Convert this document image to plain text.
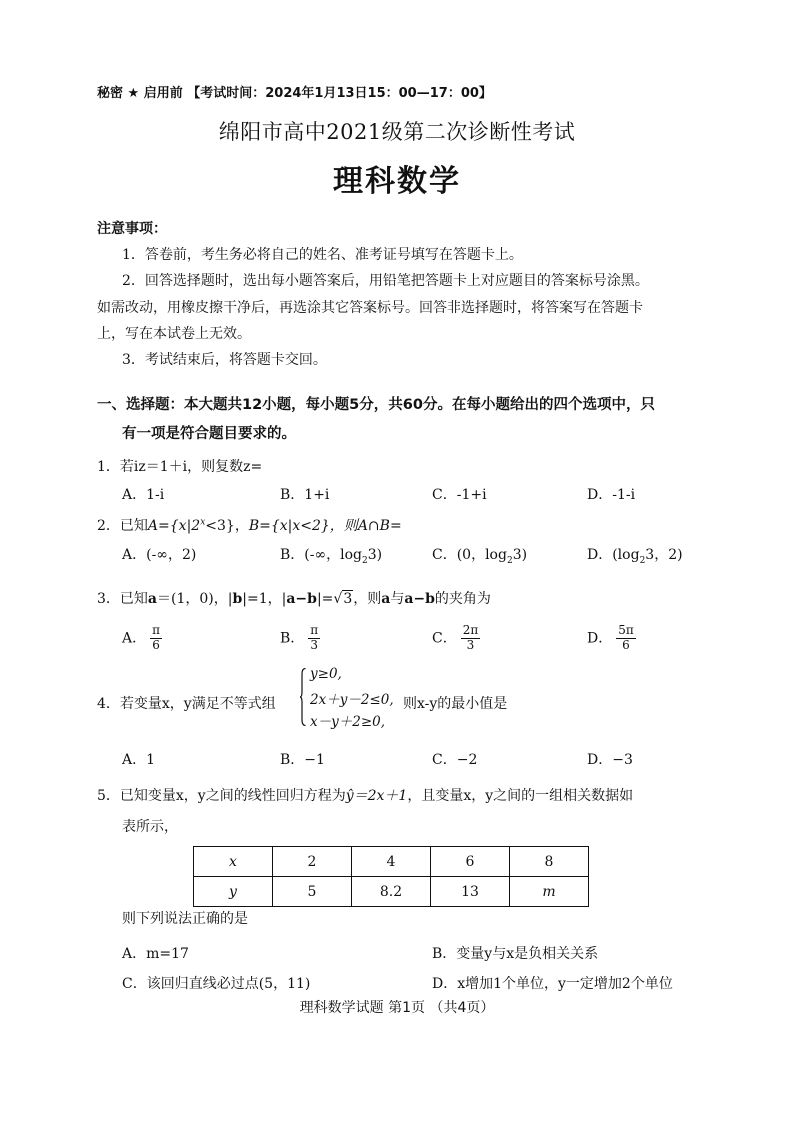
秘密 ★ 启用前 【考试时间：2024年1月13日15：00—17：00】
绵阳市高中2021级第二次诊断性考试
理科数学
注意事项：
1．答卷前，考生务必将自己的姓名、准考证号填写在答题卡上。
2．回答选择题时，选出每小题答案后，用铅笔把答题卡上对应题目的答案标号涂黑。
如需改动，用橡皮擦干净后，再选涂其它答案标号。回答非选择题时，将答案写在答题卡
上，写在本试卷上无效。
3．考试结束后，将答题卡交回。
一、选择题：本大题共12小题，每小题5分，共60分。在每小题给出的四个选项中，只
有一项是符合题目要求的。
1．若iz＝1＋i，则复数z=
A．1-i	B．1+i	C．-1+i	D．-1-i
2．已知$A=\{x|2^x<3\}$，B={x|x<2}，则A∩B=
A．(-∞，2)	B．(-∞，$\log_23$)	C．(0，$\log_23$)	D．($\log_23$，2)
3．已知a＝(1，0)，|b|=1，|a−b|=√3，则a与a−b的夹角为
A． $\frac{\pi}{6}$	B． $\frac{\pi}{3}$	C． $\frac{2\pi}{3}$	D． $\frac{5\pi}{6}$
4．若变量x，y满足不等式组
y≥0,
2x＋y－2≤0,
x－y＋2≥0,
则x-y的最小值是
A．1	B．−1	C．−2	D．−3
5．已知变量x，y之间的线性回归方程为ŷ＝2x＋1，且变量x，y之间的一组相关数据如
表所示，
x	2	4	6	8
y	5	8.2	13	m
则下列说法正确的是
A．m=17	B．变量y与x是负相关关系
C．该回归直线必过点(5，11)	D．x增加1个单位，y一定增加2个单位
理科数学试题 第1页 （共4页）
